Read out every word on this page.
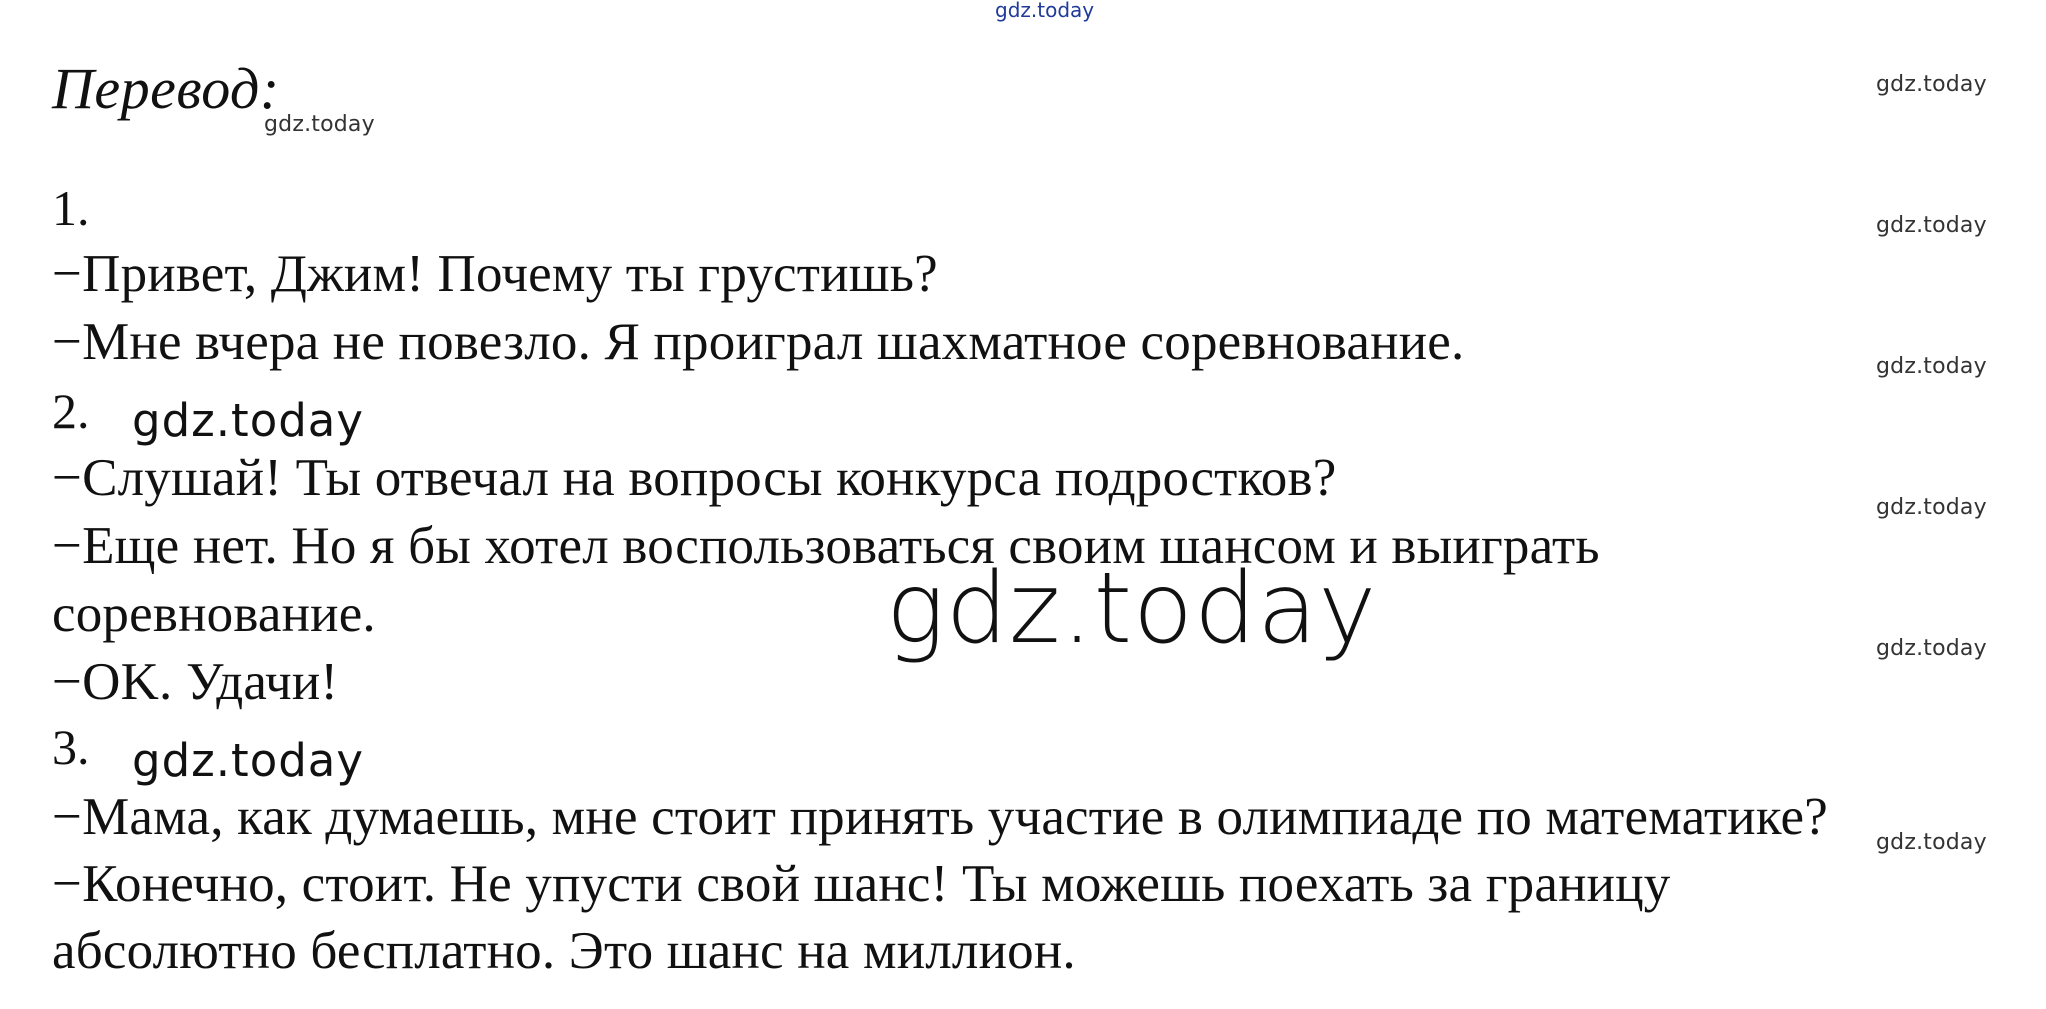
gdz.today
Перевод:
gdz.today
gdz.today
gdz.today
gdz.today
gdz.today
gdz.today
gdz.today
1.
−Привет, Джим! Почему ты грустишь?
−Мне вчера не повезло. Я проиграл шахматное соревнование.
2. gdz.today
−Слушай! Ты отвечал на вопросы конкурса подростков?
−Еще нет. Но я бы хотел воспользоваться своим шансом и выиграть
соревнование.
−OK. Удачи!
gdz.today
3. gdz.today
−Мама, как думаешь, мне стоит принять участие в олимпиаде по математике?
−Конечно, стоит. Не упусти свой шанс! Ты можешь поехать за границу
абсолютно бесплатно. Это шанс на миллион.
